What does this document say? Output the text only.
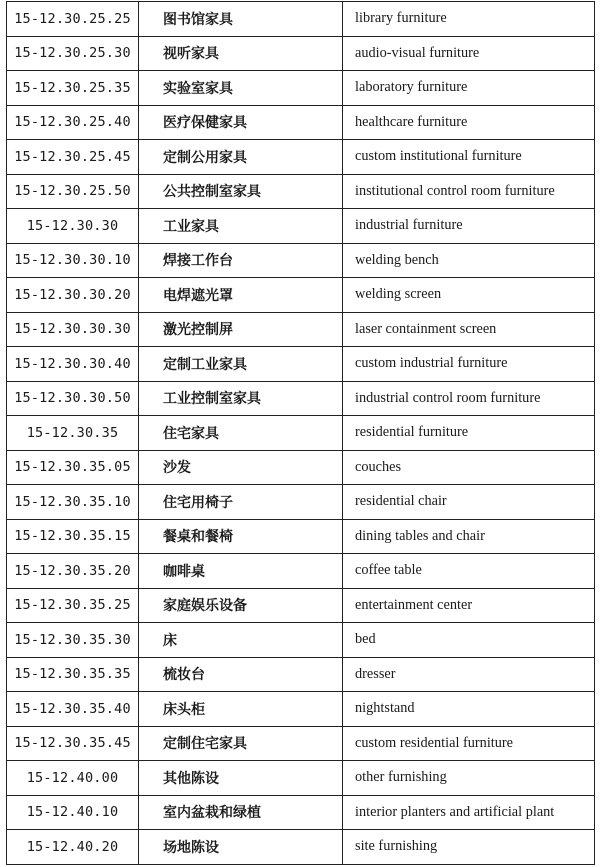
15-12.30.25.25	图书馆家具	library furniture
15-12.30.25.30	视听家具	audio-visual furniture
15-12.30.25.35	实验室家具	laboratory furniture
15-12.30.25.40	医疗保健家具	healthcare furniture
15-12.30.25.45	定制公用家具	custom institutional furniture
15-12.30.25.50	公共控制室家具	institutional control room furniture
15-12.30.30	工业家具	industrial furniture
15-12.30.30.10	焊接工作台	welding bench
15-12.30.30.20	电焊遮光罩	welding screen
15-12.30.30.30	激光控制屏	laser containment screen
15-12.30.30.40	定制工业家具	custom industrial furniture
15-12.30.30.50	工业控制室家具	industrial control room furniture
15-12.30.35	住宅家具	residential furniture
15-12.30.35.05	沙发	couches
15-12.30.35.10	住宅用椅子	residential chair
15-12.30.35.15	餐桌和餐椅	dining tables and chair
15-12.30.35.20	咖啡桌	coffee table
15-12.30.35.25	家庭娱乐设备	entertainment center
15-12.30.35.30	床	bed
15-12.30.35.35	梳妆台	dresser
15-12.30.35.40	床头柜	nightstand
15-12.30.35.45	定制住宅家具	custom residential furniture
15-12.40.00	其他陈设	other furnishing
15-12.40.10	室内盆栽和绿植	interior planters and artificial plant
15-12.40.20	场地陈设	site furnishing
